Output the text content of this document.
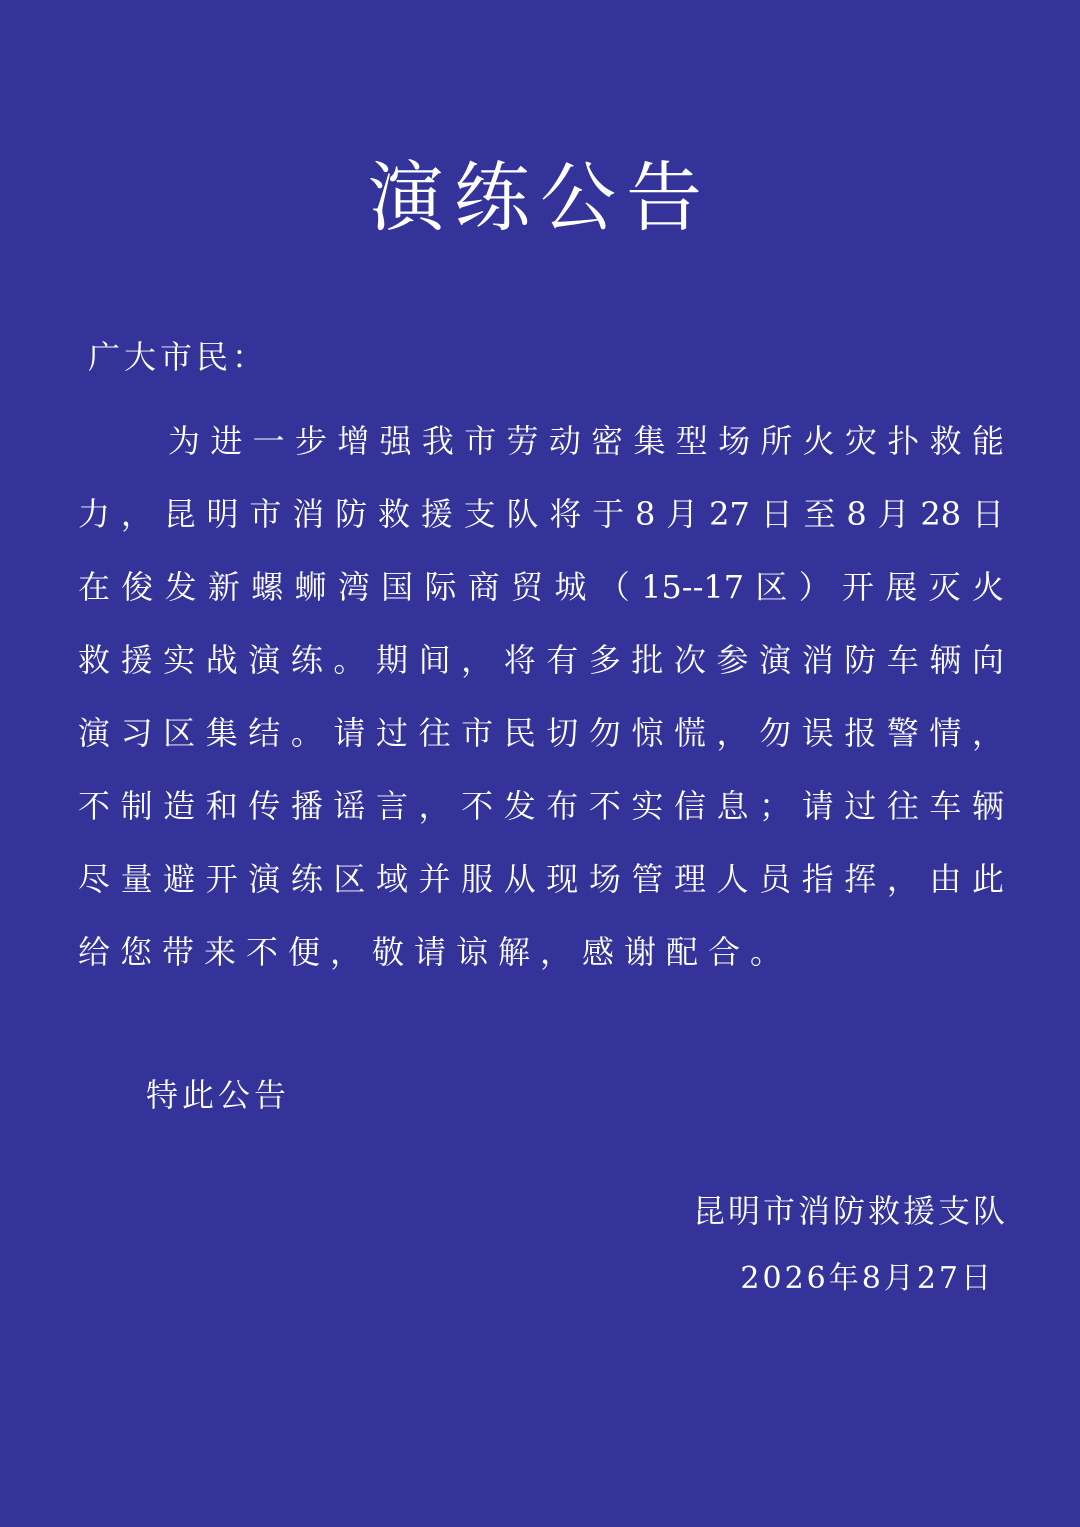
演练公告

广大市民：

为进一步增强我市劳动密集型场所火灾扑救能

力，昆明市消防救援支队将于8月27日至8月28日

在俊发新螺蛳湾国际商贸城（15--17区）开展灭火

救援实战演练。期间，将有多批次参演消防车辆向

演习区集结。请过往市民切勿惊慌，勿误报警情，

不制造和传播谣言，不发布不实信息；请过往车辆

尽量避开演练区域并服从现场管理人员指挥，由此

给您带来不便，敬请谅解，感谢配合。

特此公告

昆明市消防救援支队

2026年8月27日
